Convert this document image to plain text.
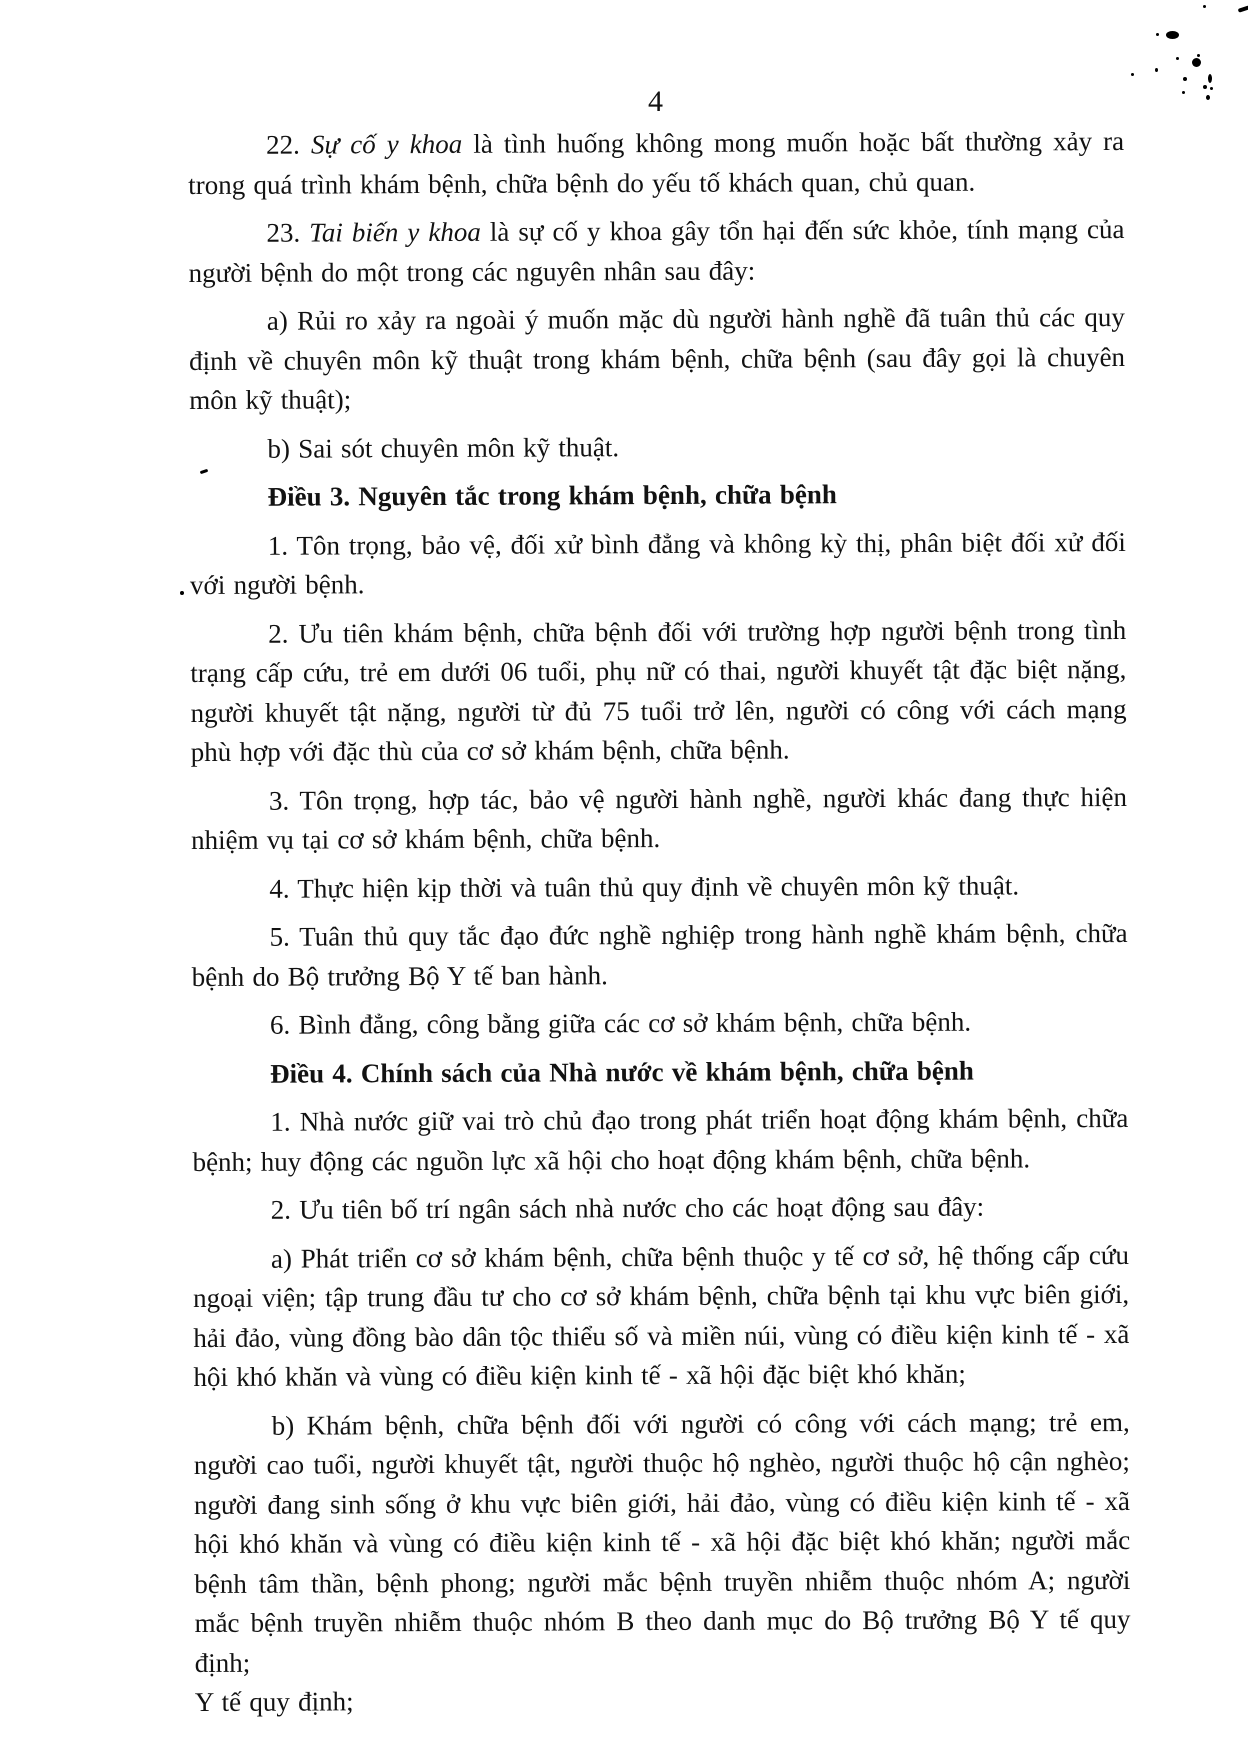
4

22. Sự cố y khoa là tình huống không mong muốn hoặc bất thường xảy ra trong quá trình khám bệnh, chữa bệnh do yếu tố khách quan, chủ quan.

23. Tai biến y khoa là sự cố y khoa gây tổn hại đến sức khỏe, tính mạng của người bệnh do một trong các nguyên nhân sau đây:

a) Rủi ro xảy ra ngoài ý muốn mặc dù người hành nghề đã tuân thủ các quy định về chuyên môn kỹ thuật trong khám bệnh, chữa bệnh (sau đây gọi là chuyên môn kỹ thuật);

b) Sai sót chuyên môn kỹ thuật.

Điều 3. Nguyên tắc trong khám bệnh, chữa bệnh

1. Tôn trọng, bảo vệ, đối xử bình đẳng và không kỳ thị, phân biệt đối xử đối với người bệnh.

2. Ưu tiên khám bệnh, chữa bệnh đối với trường hợp người bệnh trong tình trạng cấp cứu, trẻ em dưới 06 tuổi, phụ nữ có thai, người khuyết tật đặc biệt nặng, người khuyết tật nặng, người từ đủ 75 tuổi trở lên, người có công với cách mạng phù hợp với đặc thù của cơ sở khám bệnh, chữa bệnh.

3. Tôn trọng, hợp tác, bảo vệ người hành nghề, người khác đang thực hiện nhiệm vụ tại cơ sở khám bệnh, chữa bệnh.

4. Thực hiện kịp thời và tuân thủ quy định về chuyên môn kỹ thuật.

5. Tuân thủ quy tắc đạo đức nghề nghiệp trong hành nghề khám bệnh, chữa bệnh do Bộ trưởng Bộ Y tế ban hành.

6. Bình đẳng, công bằng giữa các cơ sở khám bệnh, chữa bệnh.

Điều 4. Chính sách của Nhà nước về khám bệnh, chữa bệnh

1. Nhà nước giữ vai trò chủ đạo trong phát triển hoạt động khám bệnh, chữa bệnh; huy động các nguồn lực xã hội cho hoạt động khám bệnh, chữa bệnh.

2. Ưu tiên bố trí ngân sách nhà nước cho các hoạt động sau đây:

a) Phát triển cơ sở khám bệnh, chữa bệnh thuộc y tế cơ sở, hệ thống cấp cứu ngoại viện; tập trung đầu tư cho cơ sở khám bệnh, chữa bệnh tại khu vực biên giới, hải đảo, vùng đồng bào dân tộc thiểu số và miền núi, vùng có điều kiện kinh tế - xã hội khó khăn và vùng có điều kiện kinh tế - xã hội đặc biệt khó khăn;

b) Khám bệnh, chữa bệnh đối với người có công với cách mạng; trẻ em, người cao tuổi, người khuyết tật, người thuộc hộ nghèo, người thuộc hộ cận nghèo; người đang sinh sống ở khu vực biên giới, hải đảo, vùng có điều kiện kinh tế - xã hội khó khăn và vùng có điều kiện kinh tế - xã hội đặc biệt khó khăn; người mắc bệnh tâm thần, bệnh phong; người mắc bệnh truyền nhiễm thuộc nhóm A; người mắc bệnh truyền nhiễm thuộc nhóm B theo danh mục do Bộ trưởng Bộ Y tế quy định;

Y tế quy định;
